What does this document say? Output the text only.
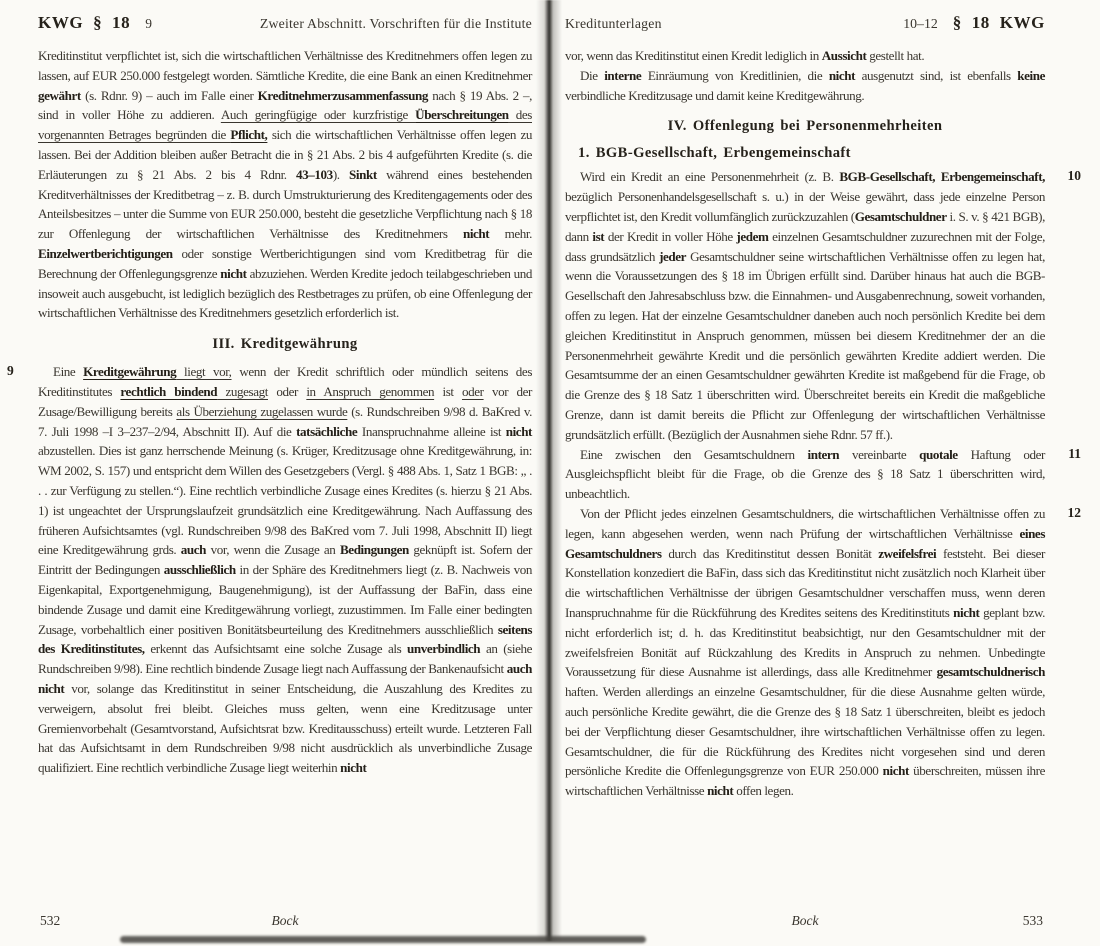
KWG § 18 9	Zweiter Abschnitt. Vorschriften für die Institute

Kreditinstitut verpflichtet ist, sich die wirtschaftlichen Verhältnisse des Kreditnehmers offen legen zu lassen, auf EUR 250.000 festgelegt worden. Sämtliche Kredite, die eine Bank an einen Kreditnehmer gewährt (s. Rdnr. 9) – auch im Falle einer Kreditnehmerzusammenfassung nach § 19 Abs. 2 –, sind in voller Höhe zu addieren. Auch geringfügige oder kurzfristige Überschreitungen des vorgenannten Betrages begründen die Pflicht, sich die wirtschaftlichen Verhältnisse offen legen zu lassen. Bei der Addition bleiben außer Betracht die in § 21 Abs. 2 bis 4 aufgeführten Kredite (s. die Erläuterungen zu § 21 Abs. 2 bis 4 Rdnr. 43–103). Sinkt während eines bestehenden Kreditverhältnisses der Kreditbetrag – z. B. durch Umstrukturierung des Kreditengagements oder des Anteilsbesitzes – unter die Summe von EUR 250.000, besteht die gesetzliche Verpflichtung nach § 18 zur Offenlegung der wirtschaftlichen Verhältnisse des Kreditnehmers nicht mehr. Einzelwertberichtigungen oder sonstige Wertberichtigungen sind vom Kreditbetrag für die Berechnung der Offenlegungsgrenze nicht abzuziehen. Werden Kredite jedoch teilabgeschrieben und insoweit auch ausgebucht, ist lediglich bezüglich des Restbetrages zu prüfen, ob eine Offenlegung der wirtschaftlichen Verhältnisse des Kreditnehmers gesetzlich erforderlich ist.

III. Kreditgewährung
9	Eine Kreditgewährung liegt vor, wenn der Kredit schriftlich oder mündlich seitens des Kreditinstitutes rechtlich bindend zugesagt oder in Anspruch genommen ist oder vor der Zusage/Bewilligung bereits als Überziehung zugelassen wurde (s. Rundschreiben 9/98 d. BaKred v. 7. Juli 1998 –I 3–237–2/94, Abschnitt II). Auf die tatsächliche Inanspruchnahme alleine ist nicht abzustellen. Dies ist ganz herrschende Meinung (s. Krüger, Kreditzusage ohne Kreditgewährung, in: WM 2002, S. 157) und entspricht dem Willen des Gesetzgebers (Vergl. § 488 Abs. 1, Satz 1 BGB: „ . . . zur Verfügung zu stellen.“). Eine rechtlich verbindliche Zusage eines Kredites (s. hierzu § 21 Abs. 1) ist ungeachtet der Ursprungslaufzeit grundsätzlich eine Kreditgewährung. Nach Auffassung des früheren Aufsichtsamtes (vgl. Rundschreiben 9/98 des BaKred vom 7. Juli 1998, Abschnitt II) liegt eine Kreditgewährung grds. auch vor, wenn die Zusage an Bedingungen geknüpft ist. Sofern der Eintritt der Bedingungen ausschließlich in der Sphäre des Kreditnehmers liegt (z. B. Nachweis von Eigenkapital, Exportgenehmigung, Baugenehmigung), ist der Auffassung der BaFin, dass eine bindende Zusage und damit eine Kreditgewährung vorliegt, zuzustimmen. Im Falle einer bedingten Zusage, vorbehaltlich einer positiven Bonitätsbeurteilung des Kreditnehmers ausschließlich seitens des Kreditinstitutes, erkennt das Aufsichtsamt eine solche Zusage als unverbindlich an (siehe Rundschreiben 9/98). Eine rechtlich bindende Zusage liegt nach Auffassung der Bankenaufsicht auch nicht vor, solange das Kreditinstitut in seiner Entscheidung, die Auszahlung des Kredites zu verweigern, absolut frei bleibt. Gleiches muss gelten, wenn eine Kreditzusage unter Gremienvorbehalt (Gesamtvorstand, Aufsichtsrat bzw. Kreditausschuss) erteilt wurde. Letzteren Fall hat das Aufsichtsamt in dem Rundschreiben 9/98 nicht ausdrücklich als unverbindliche Zusage qualifiziert. Eine rechtlich verbindliche Zusage liegt weiterhin nicht

532	Bock
Kreditunterlagen	10–12 § 18 KWG

vor, wenn das Kreditinstitut einen Kredit lediglich in Aussicht gestellt hat.

Die interne Einräumung von Kreditlinien, die nicht ausgenutzt sind, ist ebenfalls keine verbindliche Kreditzusage und damit keine Kreditgewährung.

IV. Offenlegung bei Personenmehrheiten
1. BGB-Gesellschaft, Erbengemeinschaft
10

Wird ein Kredit an eine Personenmehrheit (z. B. BGB-Gesellschaft, Erbengemeinschaft, bezüglich Personenhandelsgesellschaft s. u.) in der Weise gewährt, dass jede einzelne Person verpflichtet ist, den Kredit vollumfänglich zurückzuzahlen (Gesamtschuldner i. S. v. § 421 BGB), dann ist der Kredit in voller Höhe jedem einzelnen Gesamtschuldner zuzurechnen mit der Folge, dass grundsätzlich jeder Gesamtschuldner seine wirtschaftlichen Verhältnisse offen zu legen hat, wenn die Voraussetzungen des § 18 im Übrigen erfüllt sind. Darüber hinaus hat auch die BGB-Gesellschaft den Jahresabschluss bzw. die Einnahmen- und Ausgabenrechnung, soweit vorhanden, offen zu legen. Hat der einzelne Gesamtschuldner daneben auch noch persönlich Kredite bei dem gleichen Kreditinstitut in Anspruch genommen, müssen bei diesem Kreditnehmer der an die Personenmehrheit gewährte Kredit und die persönlich gewährten Kredite addiert werden. Die Gesamtsumme der an einen Gesamtschuldner gewährten Kredite ist maßgebend für die Frage, ob die Grenze des § 18 Satz 1 überschritten wird. Überschreitet bereits ein Kredit die maßgebliche Grenze, dann ist damit bereits die Pflicht zur Offenlegung der wirtschaftlichen Verhältnisse grundsätzlich erfüllt. (Bezüglich der Ausnahmen siehe Rdnr. 57 ff.).

11

Eine zwischen den Gesamtschuldnern intern vereinbarte quotale Haftung oder Ausgleichspflicht bleibt für die Frage, ob die Grenze des § 18 Satz 1 überschritten wird, unbeachtlich.

12

Von der Pflicht jedes einzelnen Gesamtschuldners, die wirtschaftlichen Verhältnisse offen zu legen, kann abgesehen werden, wenn nach Prüfung der wirtschaftlichen Verhältnisse eines Gesamtschuldners durch das Kreditinstitut dessen Bonität zweifelsfrei feststeht. Bei dieser Konstellation konzediert die BaFin, dass sich das Kreditinstitut nicht zusätzlich noch Klarheit über die wirtschaftlichen Verhältnisse der übrigen Gesamtschuldner verschaffen muss, wenn deren Inanspruchnahme für die Rückführung des Kredites seitens des Kreditinstituts nicht geplant bzw. nicht erforderlich ist; d. h. das Kreditinstitut beabsichtigt, nur den Gesamtschuldner mit der zweifelsfreien Bonität auf Rückzahlung des Kredits in Anspruch zu nehmen. Unbedingte Voraussetzung für diese Ausnahme ist allerdings, dass alle Kreditnehmer gesamtschuldnerisch haften. Werden allerdings an einzelne Gesamtschuldner, für die diese Ausnahme gelten würde, auch persönliche Kredite gewährt, die die Grenze des § 18 Satz 1 überschreiten, bleibt es jedoch bei der Verpflichtung dieser Gesamtschuldner, ihre wirtschaftlichen Verhältnisse offen zu legen. Gesamtschuldner, die für die Rückführung des Kredites nicht vorgesehen sind und deren persönliche Kredite die Offenlegungsgrenze von EUR 250.000 nicht überschreiten, müssen ihre wirtschaftlichen Verhältnisse nicht offen legen.

Bock	533
